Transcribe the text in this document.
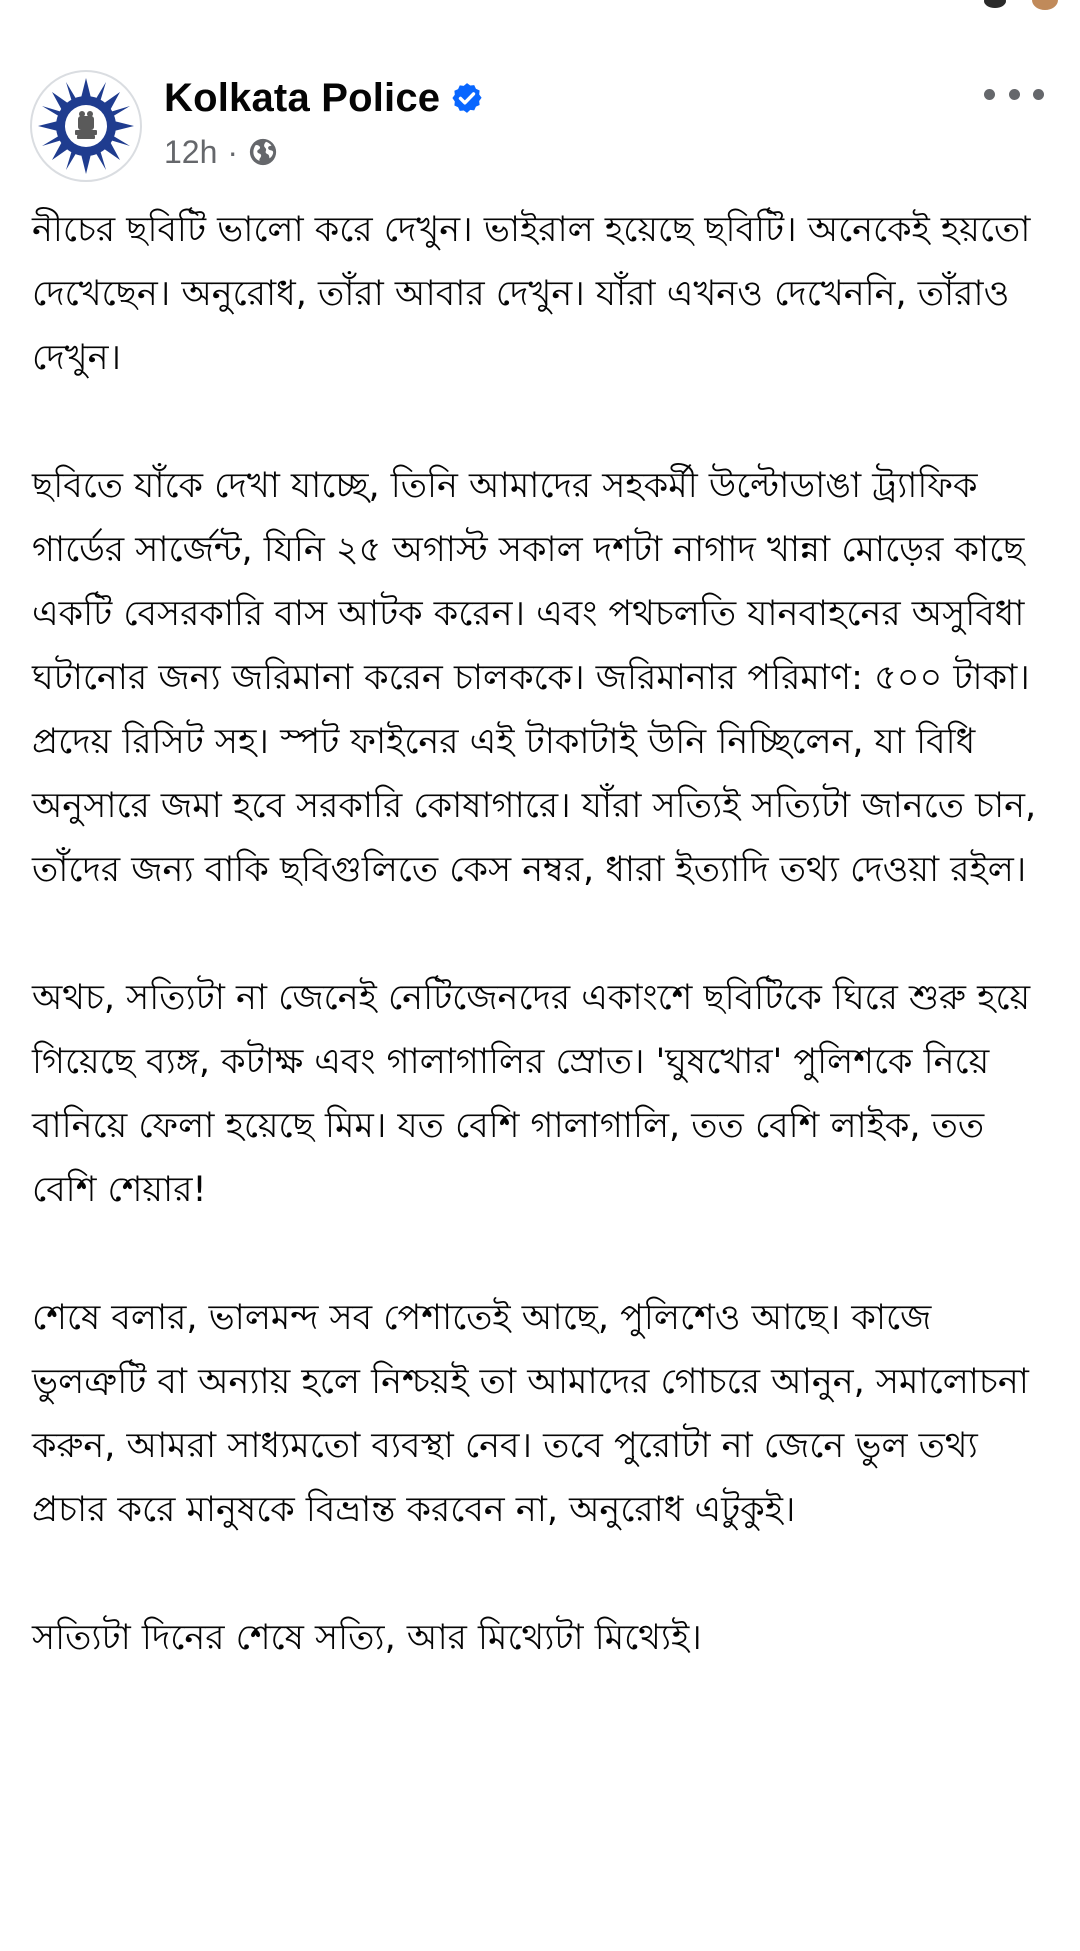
Kolkata Police
12h ·

নীচের ছবিটি ভালো করে দেখুন। ভাইরাল হয়েছে ছবিটি। অনেকেই হয়তো দেখেছেন। অনুরোধ, তাঁরা আবার দেখুন। যাঁরা এখনও দেখেননি, তাঁরাও দেখুন।

ছবিতে যাঁকে দেখা যাচ্ছে, তিনি আমাদের সহকর্মী উল্টোডাঙা ট্র্যাফিক গার্ডের সার্জেন্ট, যিনি ২৫ অগাস্ট সকাল দশটা নাগাদ খান্না মোড়ের কাছে একটি বেসরকারি বাস আটক করেন। এবং পথচলতি যানবাহনের অসুবিধা ঘটানোর জন্য জরিমানা করেন চালককে। জরিমানার পরিমাণ: ৫০০ টাকা। প্রদেয় রিসিট সহ। স্পট ফাইনের এই টাকাটাই উনি নিচ্ছিলেন, যা বিধি অনুসারে জমা হবে সরকারি কোষাগারে। যাঁরা সত্যিই সত্যিটা জানতে চান, তাঁদের জন্য বাকি ছবিগুলিতে কেস নম্বর, ধারা ইত্যাদি তথ্য দেওয়া রইল।

অথচ, সত্যিটা না জেনেই নেটিজেনদের একাংশে ছবিটিকে ঘিরে শুরু হয়ে গিয়েছে ব্যঙ্গ, কটাক্ষ এবং গালাগালির স্রোত। 'ঘুষখোর' পুলিশকে নিয়ে বানিয়ে ফেলা হয়েছে মিম। যত বেশি গালাগালি, তত বেশি লাইক, তত বেশি শেয়ার!

শেষে বলার, ভালমন্দ সব পেশাতেই আছে, পুলিশেও আছে। কাজে ভুলত্রুটি বা অন্যায় হলে নিশ্চয়ই তা আমাদের গোচরে আনুন, সমালোচনা করুন, আমরা সাধ্যমতো ব্যবস্থা নেব। তবে পুরোটা না জেনে ভুল তথ্য প্রচার করে মানুষকে বিভ্রান্ত করবেন না, অনুরোধ এটুকুই।

সত্যিটা দিনের শেষে সত্যি, আর মিথ্যেটা মিথ্যেই।
